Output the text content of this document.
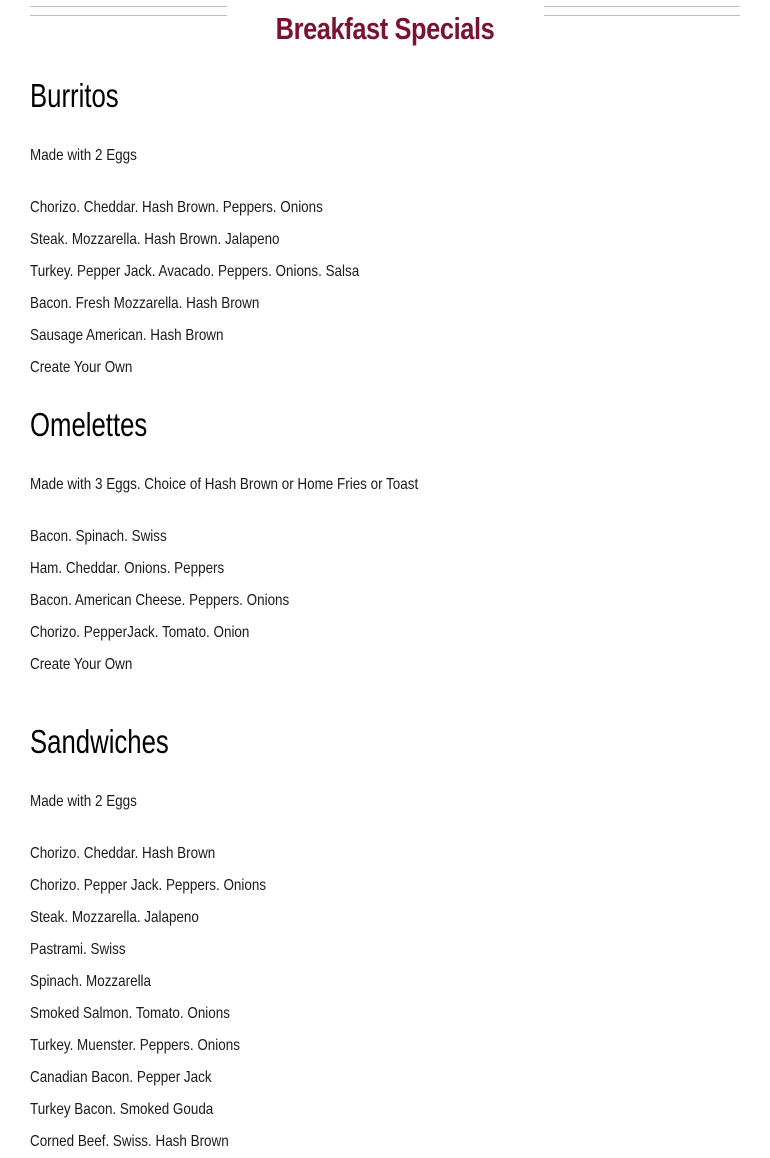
Breakfast Specials
Burritos

Made with 2 Eggs

Chorizo. Cheddar. Hash Brown. Peppers. Onions
Steak. Mozzarella. Hash Brown. Jalapeno
Turkey. Pepper Jack. Avacado. Peppers. Onions. Salsa
Bacon. Fresh Mozzarella. Hash Brown
Sausage American. Hash Brown
Create Your Own
Omelettes

Made with 3 Eggs. Choice of Hash Brown or Home Fries or Toast

Bacon. Spinach. Swiss
Ham. Cheddar. Onions. Peppers
Bacon. American Cheese. Peppers. Onions
Chorizo. PepperJack. Tomato. Onion
Create Your Own
Sandwiches

Made with 2 Eggs

Chorizo. Cheddar. Hash Brown
Chorizo. Pepper Jack. Peppers. Onions
Steak. Mozzarella. Jalapeno
Pastrami. Swiss
Spinach. Mozzarella
Smoked Salmon. Tomato. Onions
Turkey. Muenster. Peppers. Onions
Canadian Bacon. Pepper Jack
Turkey Bacon. Smoked Gouda
Corned Beef. Swiss. Hash Brown
